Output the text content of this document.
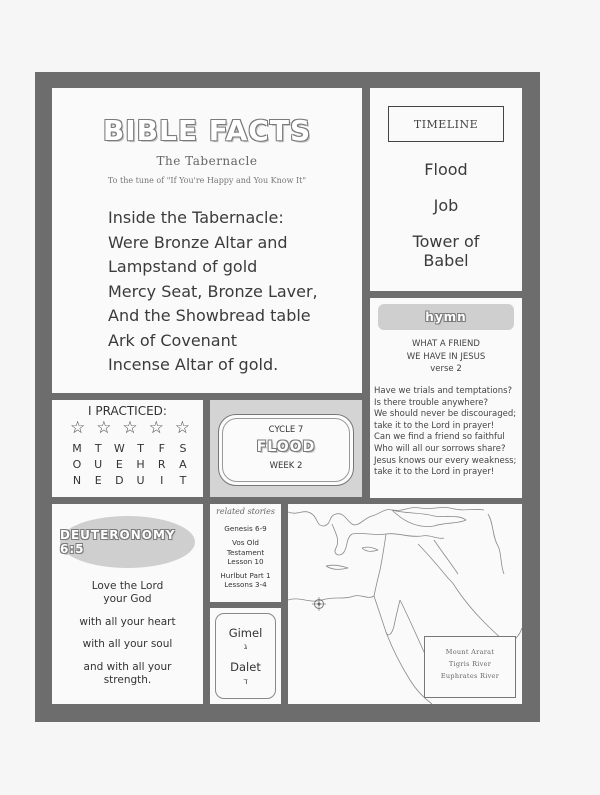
BIBLE FACTS
The Tabernacle
To the tune of "If You're Happy and You Know It"
Inside the Tabernacle:
Were Bronze Altar and
Lampstand of gold
Mercy Seat, Bronze Laver,
And the Showbread table
Ark of Covenant
Incense Altar of gold.
TIMELINE
Flood
Job
Tower of Babel
hymn
WHAT A FRIEND
WE HAVE IN JESUS
verse 2
Have we trials and temptations?
Is there trouble anywhere?
We should never be discouraged;
take it to the Lord in prayer!
Can we find a friend so faithful
Who will all our sorrows share?
Jesus knows our every weakness;
take it to the Lord in prayer!
I PRACTICED:
☆ ☆ ☆ ☆ ☆
M	T	W	T	F	S
O U	E	H R A
N	E	D U	I	T
CYCLE 7
FLOOD
WEEK 2
DEUTERONOMY 6:5
Love the Lord your God
with all your heart
with all your soul
and with all your strength.
related stories
Genesis 6-9
Vos Old Testament Lesson 10
Hurlbut Part 1 Lessons 3-4
Gimel
ג
Dalet
ד
Mount Ararat
Tigris River
Euphrates River
